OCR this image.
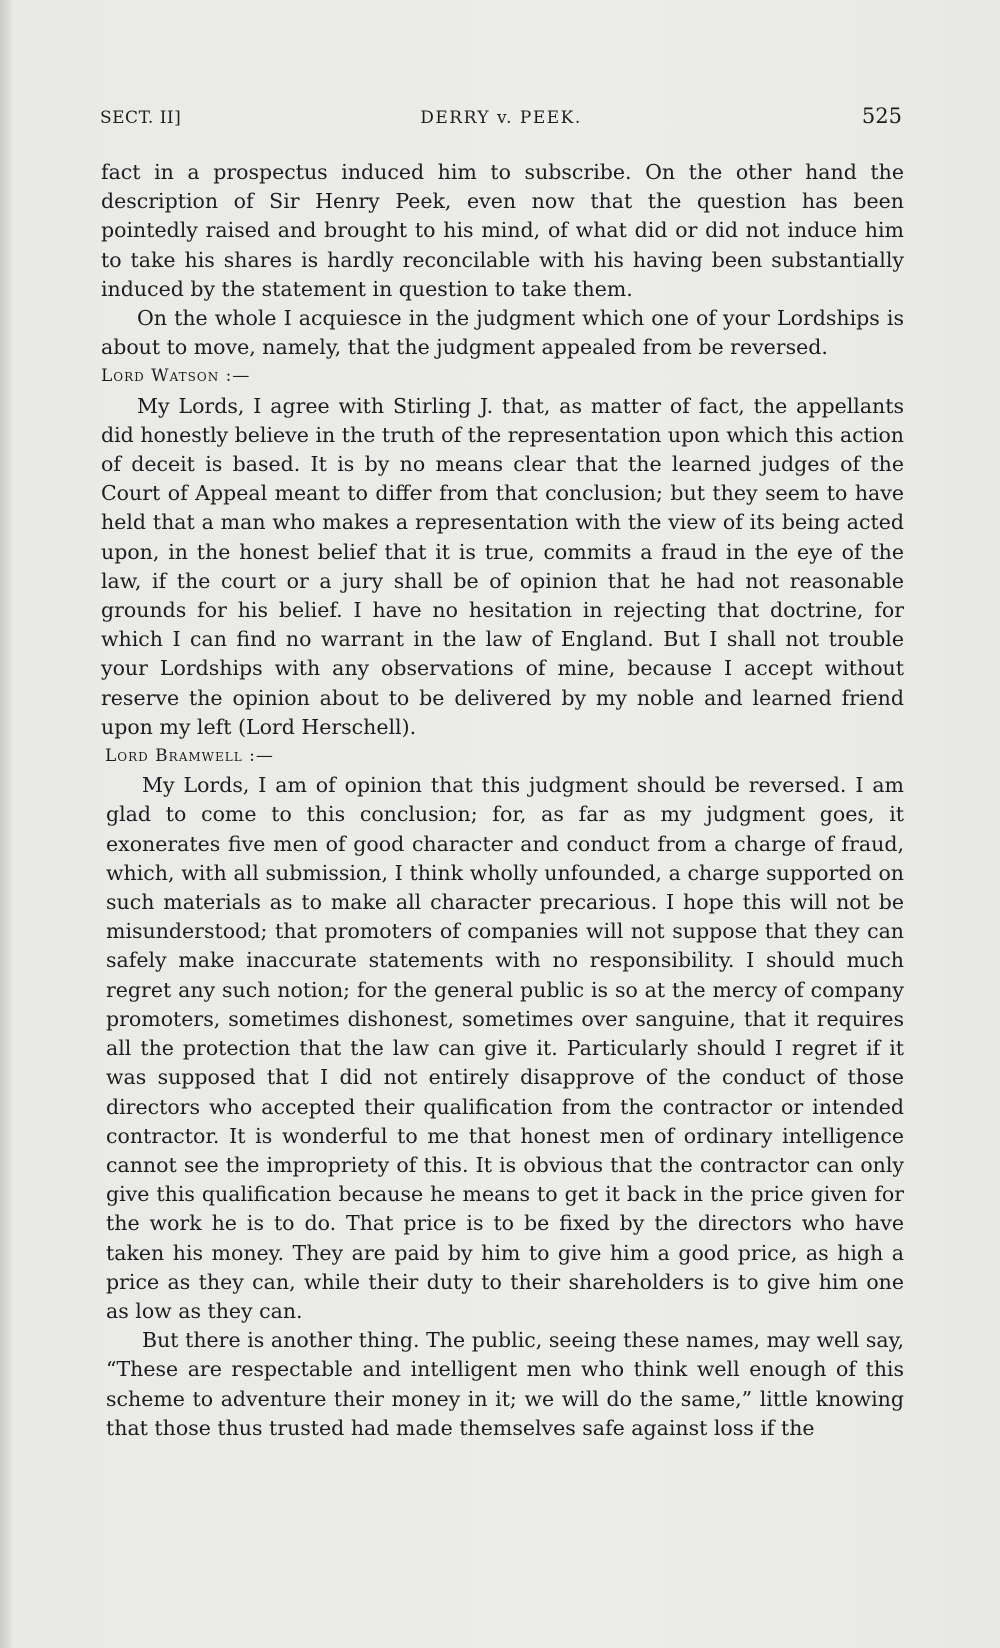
SECT. II]	DERRY v. PEEK.	525

fact in a prospectus induced him to subscribe. On the other hand the description of Sir Henry Peek, even now that the question has been pointedly raised and brought to his mind, of what did or did not induce him to take his shares is hardly reconcilable with his having been substantially induced by the statement in question to take them.

On the whole I acquiesce in the judgment which one of your Lordships is about to move, namely, that the judgment appealed from be reversed.

Lord Watson :—

My Lords, I agree with Stirling J. that, as matter of fact, the appellants did honestly believe in the truth of the representation upon which this action of deceit is based. It is by no means clear that the learned judges of the Court of Appeal meant to differ from that conclusion; but they seem to have held that a man who makes a representation with the view of its being acted upon, in the honest belief that it is true, commits a fraud in the eye of the law, if the court or a jury shall be of opinion that he had not reasonable grounds for his belief. I have no hesitation in rejecting that doctrine, for which I can find no warrant in the law of England. But I shall not trouble your Lordships with any observations of mine, because I accept without reserve the opinion about to be delivered by my noble and learned friend upon my left (Lord Herschell).

Lord Bramwell :—

My Lords, I am of opinion that this judgment should be reversed. I am glad to come to this conclusion; for, as far as my judgment goes, it exonerates five men of good character and conduct from a charge of fraud, which, with all submission, I think wholly unfounded, a charge supported on such materials as to make all character precarious. I hope this will not be misunderstood; that promoters of companies will not suppose that they can safely make inaccurate statements with no responsibility. I should much regret any such notion; for the general public is so at the mercy of company promoters, sometimes dishonest, sometimes over sanguine, that it requires all the protection that the law can give it. Particularly should I regret if it was supposed that I did not entirely disapprove of the conduct of those directors who accepted their qualification from the contractor or intended contractor. It is wonderful to me that honest men of ordinary intelligence cannot see the impropriety of this. It is obvious that the contractor can only give this qualification because he means to get it back in the price given for the work he is to do. That price is to be fixed by the directors who have taken his money. They are paid by him to give him a good price, as high a price as they can, while their duty to their shareholders is to give him one as low as they can.

But there is another thing. The public, seeing these names, may well say, “These are respectable and intelligent men who think well enough of this scheme to adventure their money in it; we will do the same,” little knowing that those thus trusted had made themselves safe against loss if the
